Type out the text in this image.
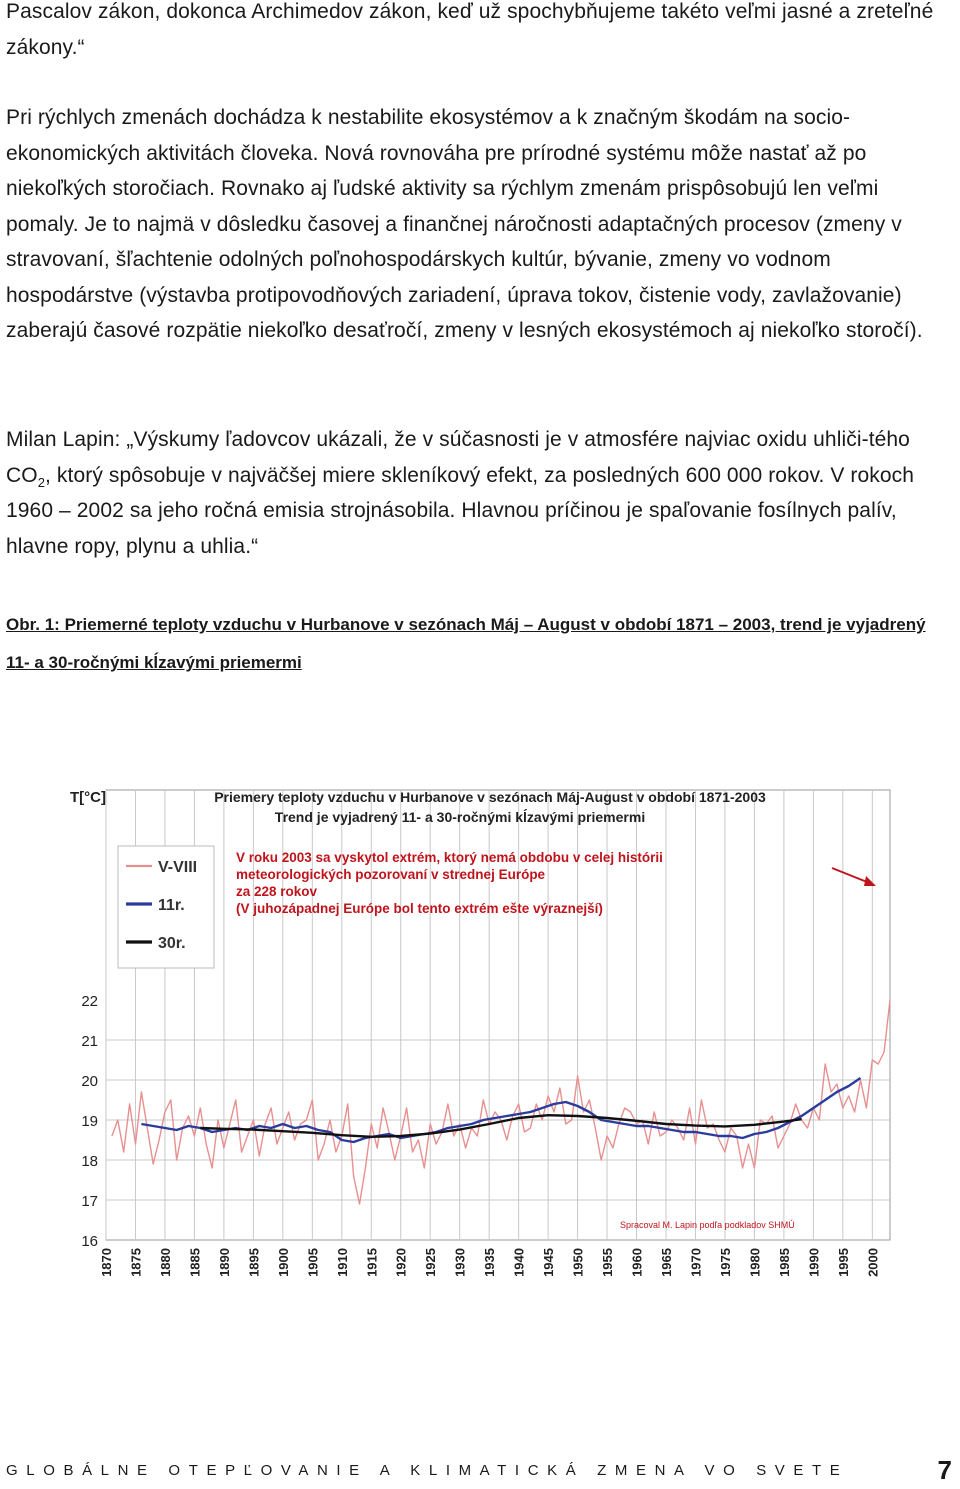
Pascalov zákon, dokonca Archimedov zákon, keď už spochybňujeme takéto veľmi jasné a zreteľné zákony.“

Pri rýchlych zmenách dochádza k nestabilite ekosystémov a k značným škodám na socio-ekonomických aktivitách človeka. Nová rovnováha pre prírodné systému môže nastať až po niekoľkých storočiach. Rovnako aj ľudské aktivity sa rýchlym zmenám prispôsobujú len veľmi pomaly. Je to najmä v dôsledku časovej a finančnej náročnosti adaptačných procesov (zmeny v stravovaní, šľachtenie odolných poľnohospodárskych kultúr, bývanie, zmeny vo vodnom hospodárstve (výstavba protipovodňových zariadení, úprava tokov, čistenie vody, zavlažovanie) zaberajú časové rozpätie niekoľko desaťročí, zmeny v lesných ekosystémoch aj niekoľko storočí).

Milan Lapin: „Výskumy ľadovcov ukázali, že v súčasnosti je v atmosfére najviac oxidu uhliči-tého $CO_2$, ktorý spôsobuje v najväčšej miere skleníkový efekt, za posledných 600 000 rokov. V rokoch 1960 – 2002 sa jeho ročná emisia strojnásobila. Hlavnou príčinou je spaľovanie fosílnych palív, hlavne ropy, plynu a uhlia.“

Obr. 1: Priemerné teploty vzduchu v Hurbanove v sezónach Máj – August v období 1871 – 2003, trend je vyjadrený 11- a 30-ročnými kĺzavými priemermi

16
17
18
19
20
21
22
1870 1875 1880 1885 1890 1895 1900 1905 1910 1915 1920 1925 1930 1935 1940 1945 1950 1955 1960 1965 1970 1975 1980 1985 1990 1995 2000
T[°C]	Priemery teploty vzduchu v Hurbanove v sezónach Máj-August v období 1871-2003
Trend je vyjadrený 11- a 30-ročnými kĺzavými priemermi
V roku 2003 sa vyskytol extrém, ktorý nemá obdobu v celej histórii
meteorologických pozorovaní v strednej Európe
za 228 rokov
(V juhozápadnej Európe bol tento extrém ešte výraznejší)
Spracoval M. Lapin podľa podkladov SHMÚ
V-VIII
11r.
30r.
GLOBÁLNE OTEPĽOVANIE A KLIMATICKÁ ZMENA VO SVETE	7
